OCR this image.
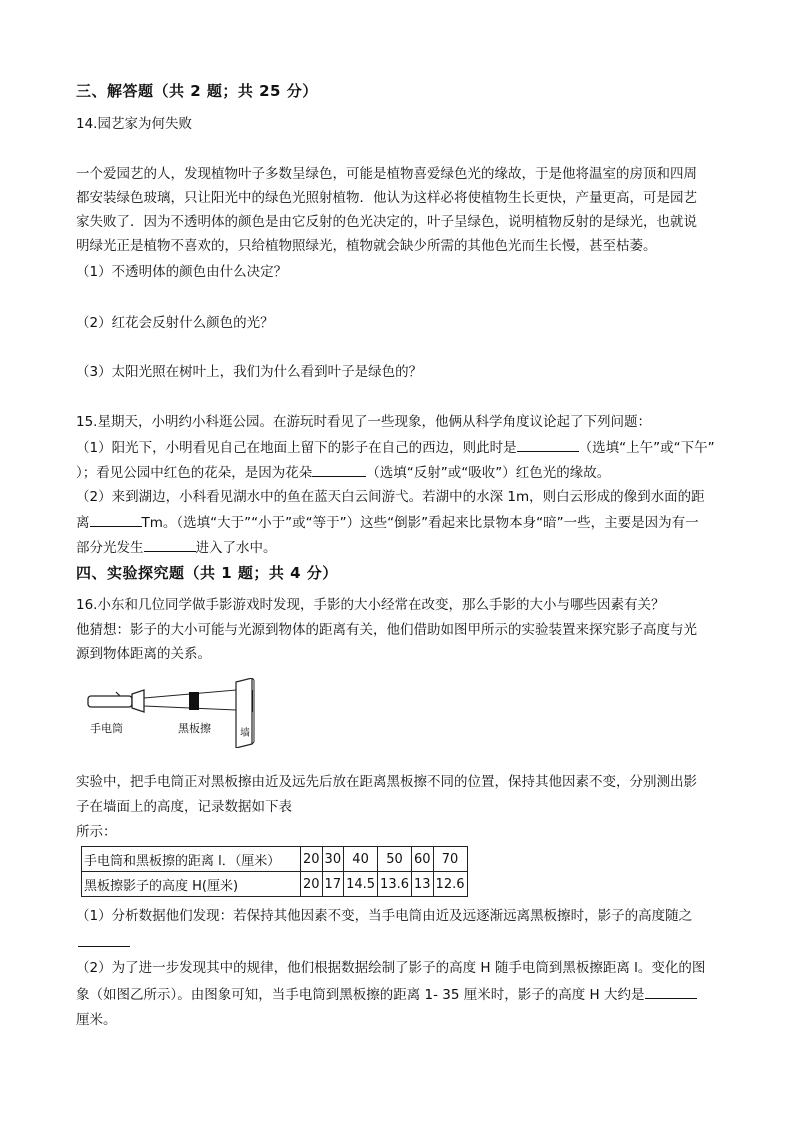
三、解答题（共 2 题；共 25 分）
14.园艺家为何失败
一个爱园艺的人，发现植物叶子多数呈绿色，可能是植物喜爱绿色光的缘故，于是他将温室的房顶和四周
都安装绿色玻璃，只让阳光中的绿色光照射植物．他认为这样必将使植物生长更快，产量更高，可是园艺
家失败了．因为不透明体的颜色是由它反射的色光决定的，叶子呈绿色，说明植物反射的是绿光，也就说
明绿光正是植物不喜欢的，只给植物照绿光，植物就会缺少所需的其他色光而生长慢，甚至枯萎。
（1）不透明体的颜色由什么决定？
（2）红花会反射什么颜色的光？
（3）太阳光照在树叶上，我们为什么看到叶子是绿色的？
15.星期天，小明约小科逛公园。在游玩时看见了一些现象，他俩从科学角度议论起了下列问题：
（1）阳光下，小明看见自己在地面上留下的影子在自己的西边，则此时是	（选填“上午”或“下午”
）；看见公园中红色的花朵，是因为花朵	（选填“反射”或“吸收”）红色光的缘故。
（2）来到湖边，小科看见湖水中的鱼在蓝天白云间游弋。若湖中的水深 1m，则白云形成的像到水面的距
离	Tm。（选填“大于”“小于”或“等于”）这些“倒影”看起来比景物本身“暗”一些，主要是因为有一
部分光发生	进入了水中。
四、实验探究题（共 1 题；共 4 分）
16.小东和几位同学做手影游戏时发现，手影的大小经常在改变，那么手影的大小与哪些因素有关？
他猜想：影子的大小可能与光源到物体的距离有关，他们借助如图甲所示的实验装置来探究影子高度与光
源到物体距离的关系。
手电筒	黑板擦	墙
实验中，把手电筒正对黑板擦由近及远先后放在距离黑板擦不同的位置，保持其他因素不变，分别测出影
子在墙面上的高度，记录数据如下表
所示：
手电筒和黑板擦的距离 l．（厘米）	20	30	40	50	60	70
黑板擦影子的高度 H(厘米)	20	17	14.5	13.6	13	12.6
（1）分析数据他们发现：若保持其他因素不变，当手电筒由近及远逐渐远离黑板擦时，影子的高度随之
（2）为了进一步发现其中的规律，他们根据数据绘制了影子的高度 H 随手电筒到黑板擦距离 l。变化的图
象（如图乙所示）。由图象可知，当手电筒到黑板擦的距离 1- 35 厘米时，影子的高度 H 大约是
厘米。
